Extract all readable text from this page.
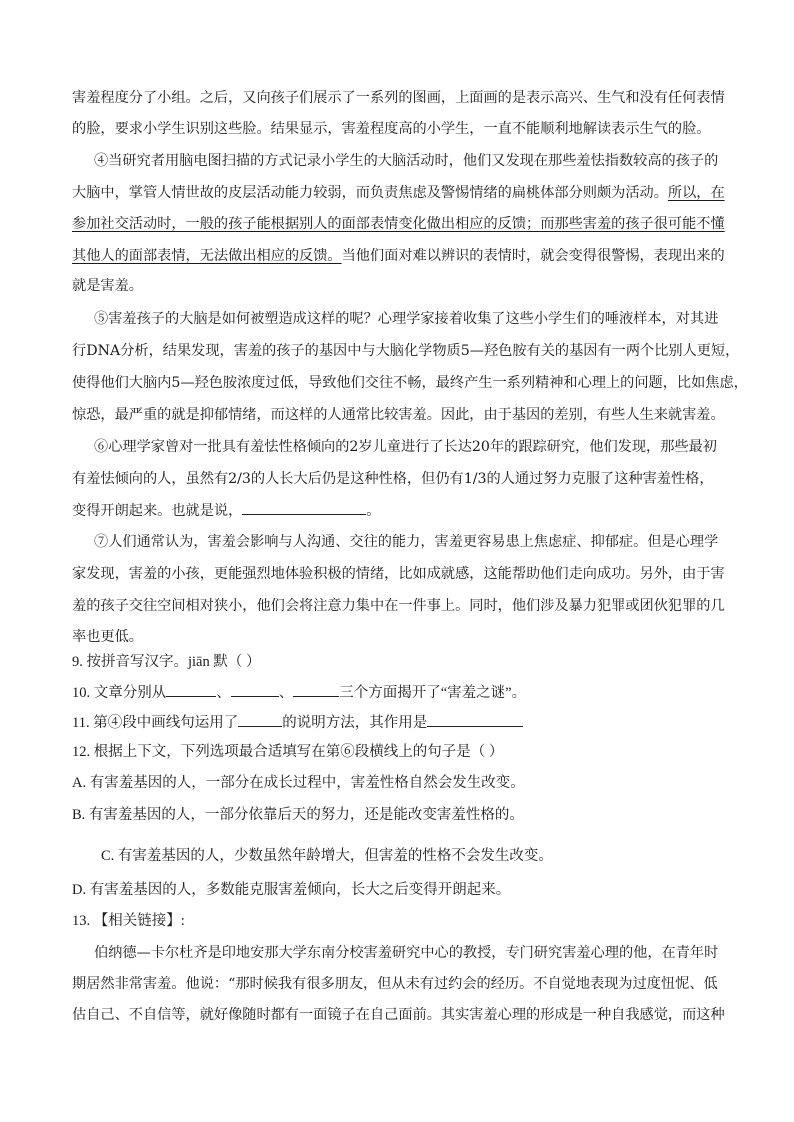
害羞程度分了小组。之后，又向孩子们展示了一系列的图画，上面画的是表示高兴、生气和没有任何表情
的脸，要求小学生识别这些脸。结果显示，害羞程度高的小学生，一直不能顺利地解读表示生气的脸。
④当研究者用脑电图扫描的方式记录小学生的大脑活动时，他们又发现在那些羞怯指数较高的孩子的
大脑中，掌管人情世故的皮层活动能力较弱，而负责焦虑及警惕情绪的扁桃体部分则颇为活动。所以，在
参加社交活动时，一般的孩子能根据别人的面部表情变化做出相应的反馈；而那些害羞的孩子很可能不懂
其他人的面部表情，无法做出相应的反馈。当他们面对难以辨识的表情时，就会变得很警惕，表现出来的
就是害羞。
⑤害羞孩子的大脑是如何被塑造成这样的呢？心理学家接着收集了这些小学生们的唾液样本，对其进
行DNA分析，结果发现，害羞的孩子的基因中与大脑化学物质5—羟色胺有关的基因有一两个比别人更短，
使得他们大脑内5—羟色胺浓度过低，导致他们交往不畅，最终产生一系列精神和心理上的问题，比如焦虑，
惊恐，最严重的就是抑郁情绪，而这样的人通常比较害羞。因此，由于基因的差别，有些人生来就害羞。
⑥心理学家曾对一批具有羞怯性格倾向的2岁儿童进行了长达20年的跟踪研究，他们发现，那些最初
有羞怯倾向的人，虽然有2/3的人长大后仍是这种性格，但仍有1/3的人通过努力克服了这种害羞性格，
变得开朗起来。也就是说，	。
⑦人们通常认为，害羞会影响与人沟通、交往的能力，害羞更容易患上焦虑症、抑郁症。但是心理学
家发现，害羞的小孩，更能强烈地体验积极的情绪，比如成就感，这能帮助他们走向成功。另外，由于害
羞的孩子交往空间相对狭小，他们会将注意力集中在一件事上。同时，他们涉及暴力犯罪或团伙犯罪的几
率也更低。
9. 按拼音写汉字。jiān 默（ ）
10. 文章分别从	、	、	三个方面揭开了“害羞之谜”。
11. 第④段中画线句运用了	的说明方法，其作用是
12. 根据上下文，下列选项最合适填写在第⑥段横线上的句子是（ ）
A. 有害羞基因的人，一部分在成长过程中，害羞性格自然会发生改变。
B. 有害羞基因的人，一部分依靠后天的努力，还是能改变害羞性格的。
C. 有害羞基因的人，少数虽然年龄增大，但害羞的性格不会发生改变。
D. 有害羞基因的人，多数能克服害羞倾向，长大之后变得开朗起来。
13. 【相关链接】:
伯纳德—卡尔杜齐是印地安那大学东南分校害羞研究中心的教授，专门研究害羞心理的他，在青年时
期居然非常害羞。他说：“那时候我有很多朋友，但从未有过约会的经历。不自觉地表现为过度忸怩、低
估自己、不自信等，就好像随时都有一面镜子在自己面前。其实害羞心理的形成是一种自我感觉，而这种
